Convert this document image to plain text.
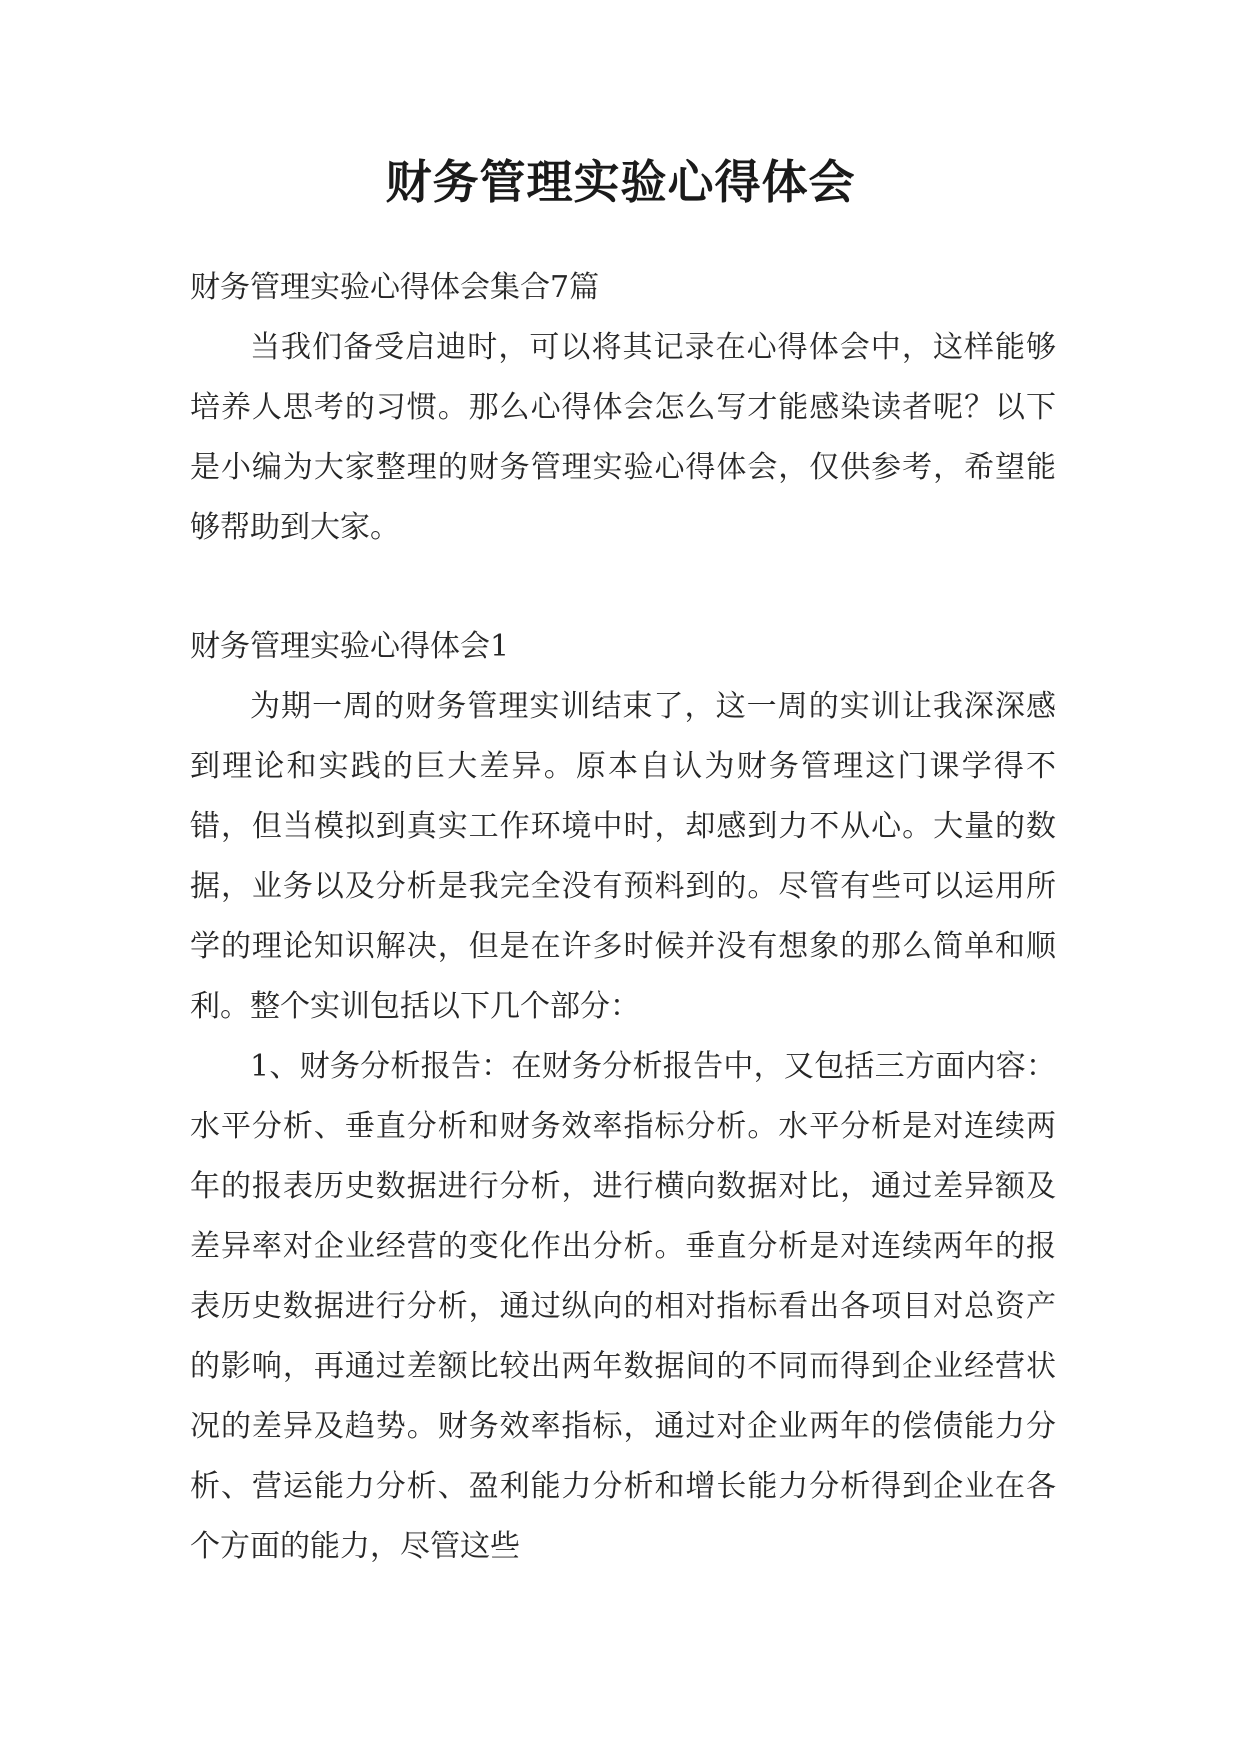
财务管理实验心得体会

财务管理实验心得体会集合7篇

当我们备受启迪时，可以将其记录在心得体会中，这样能够培养人思考的习惯。那么心得体会怎么写才能感染读者呢？以下是小编为大家整理的财务管理实验心得体会，仅供参考，希望能够帮助到大家。

财务管理实验心得体会1

为期一周的财务管理实训结束了，这一周的实训让我深深感到理论和实践的巨大差异。原本自认为财务管理这门课学得不错，但当模拟到真实工作环境中时，却感到力不从心。大量的数据，业务以及分析是我完全没有预料到的。尽管有些可以运用所学的理论知识解决，但是在许多时候并没有想象的那么简单和顺利。整个实训包括以下几个部分：

1、财务分析报告：在财务分析报告中，又包括三方面内容：水平分析、垂直分析和财务效率指标分析。水平分析是对连续两年的报表历史数据进行分析，进行横向数据对比，通过差异额及差异率对企业经营的变化作出分析。垂直分析是对连续两年的报表历史数据进行分析，通过纵向的相对指标看出各项目对总资产的影响，再通过差额比较出两年数据间的不同而得到企业经营状况的差异及趋势。财务效率指标，通过对企业两年的偿债能力分析、营运能力分析、盈利能力分析和增长能力分析得到企业在各个方面的能力，尽管这些
